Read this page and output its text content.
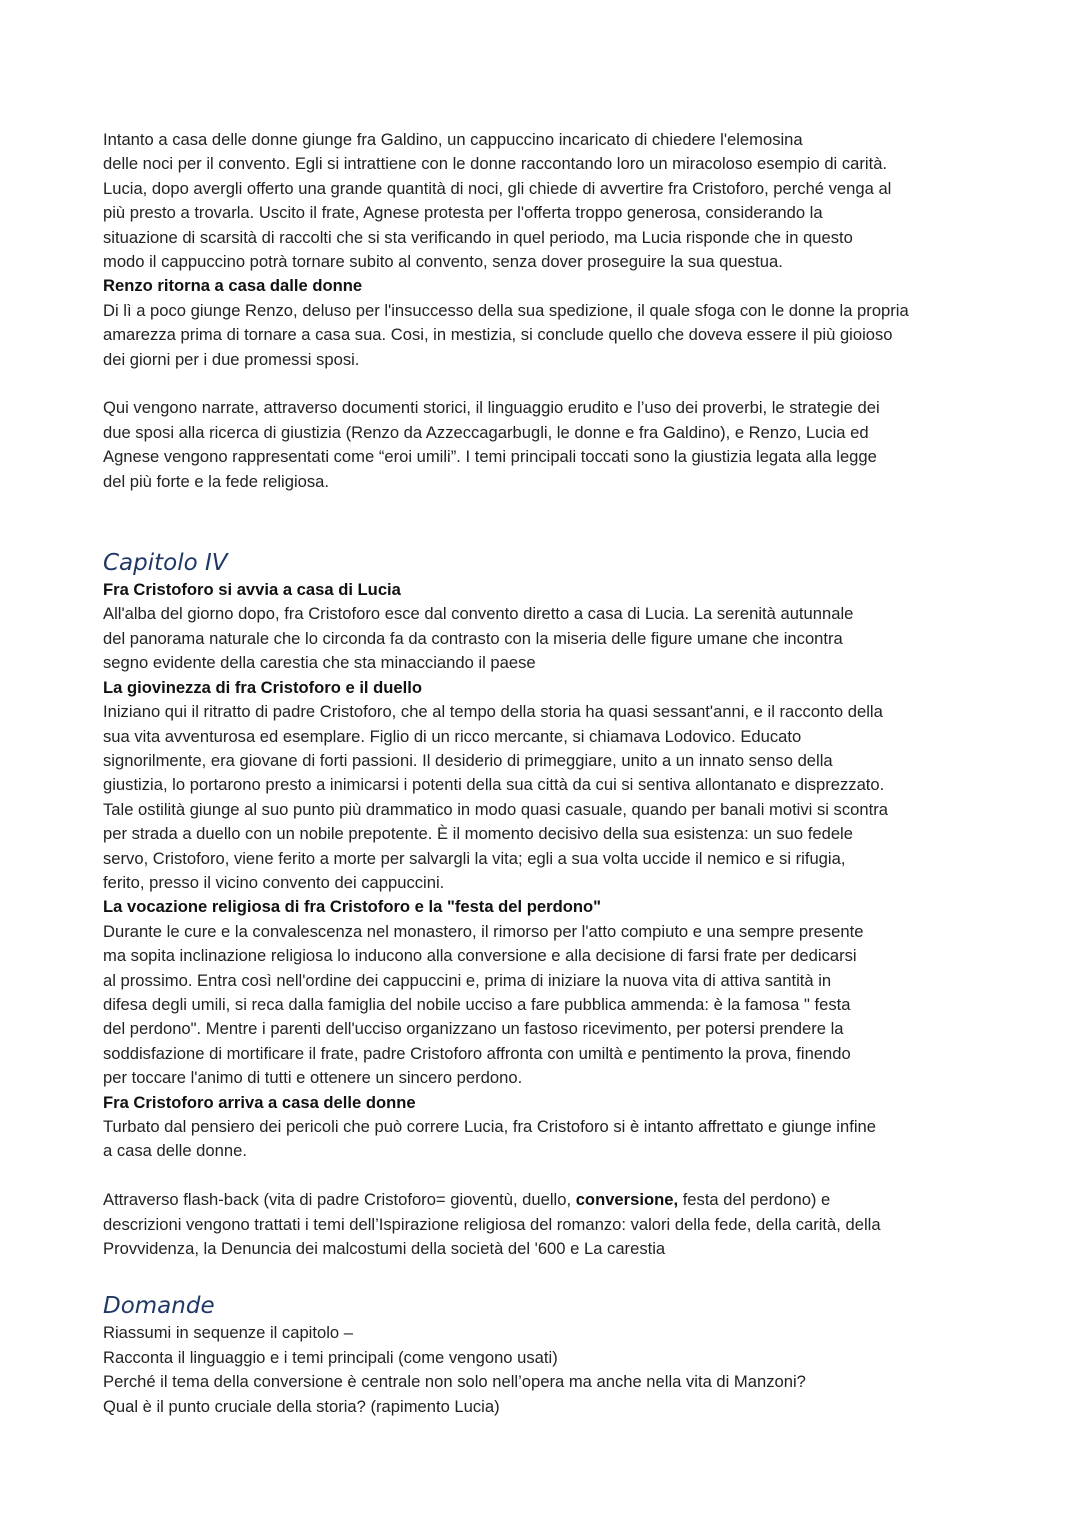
Intanto a casa delle donne giunge fra Galdino, un cappuccino incaricato di chiedere l'elemosina
delle noci per il convento. Egli si intrattiene con le donne raccontando loro un miracoloso esempio di carità.
Lucia, dopo avergli offerto una grande quantità di noci, gli chiede di avvertire fra Cristoforo, perché venga al
più presto a trovarla. Uscito il frate, Agnese protesta per l'offerta troppo generosa, considerando la
situazione di scarsità di raccolti che si sta verificando in quel periodo, ma Lucia risponde che in questo
modo il cappuccino potrà tornare subito al convento, senza dover proseguire la sua questua.
Renzo ritorna a casa dalle donne
Di lì a poco giunge Renzo, deluso per l'insuccesso della sua spedizione, il quale sfoga con le donne la propria
amarezza prima di tornare a casa sua. Cosi, in mestizia, si conclude quello che doveva essere il più gioioso
dei giorni per i due promessi sposi.
Qui vengono narrate, attraverso documenti storici, il linguaggio erudito e l’uso dei proverbi, le strategie dei
due sposi alla ricerca di giustizia (Renzo da Azzeccagarbugli, le donne e fra Galdino), e Renzo, Lucia ed
Agnese vengono rappresentati come “eroi umili”. I temi principali toccati sono la giustizia legata alla legge
del più forte e la fede religiosa.
Capitolo IV
Fra Cristoforo si avvia a casa di Lucia
All'alba del giorno dopo, fra Cristoforo esce dal convento diretto a casa di Lucia. La serenità autunnale
del panorama naturale che lo circonda fa da contrasto con la miseria delle figure umane che incontra
segno evidente della carestia che sta minacciando il paese
La giovinezza di fra Cristoforo e il duello
Iniziano qui il ritratto di padre Cristoforo, che al tempo della storia ha quasi sessant'anni, e il racconto della
sua vita avventurosa ed esemplare. Figlio di un ricco mercante, si chiamava Lodovico. Educato
signorilmente, era giovane di forti passioni. Il desiderio di primeggiare, unito a un innato senso della
giustizia, lo portarono presto a inimicarsi i potenti della sua città da cui si sentiva allontanato e disprezzato.
Tale ostilità giunge al suo punto più drammatico in modo quasi casuale, quando per banali motivi si scontra
per strada a duello con un nobile prepotente. È il momento decisivo della sua esistenza: un suo fedele
servo, Cristoforo, viene ferito a morte per salvargli la vita; egli a sua volta uccide il nemico e si rifugia,
ferito, presso il vicino convento dei cappuccini.
La vocazione religiosa di fra Cristoforo e la "festa del perdono"
Durante le cure e la convalescenza nel monastero, il rimorso per l'atto compiuto e una sempre presente
ma sopita inclinazione religiosa lo inducono alla conversione e alla decisione di farsi frate per dedicarsi
al prossimo. Entra così nell'ordine dei cappuccini e, prima di iniziare la nuova vita di attiva santità in
difesa degli umili, si reca dalla famiglia del nobile ucciso a fare pubblica ammenda: è la famosa " festa
del perdono". Mentre i parenti dell'ucciso organizzano un fastoso ricevimento, per potersi prendere la
soddisfazione di mortificare il frate, padre Cristoforo affronta con umiltà e pentimento la prova, finendo
per toccare l'animo di tutti e ottenere un sincero perdono.
Fra Cristoforo arriva a casa delle donne
Turbato dal pensiero dei pericoli che può correre Lucia, fra Cristoforo si è intanto affrettato e giunge infine
a casa delle donne.
Attraverso flash-back (vita di padre Cristoforo= gioventù, duello, conversione, festa del perdono) e
descrizioni vengono trattati i temi dell’Ispirazione religiosa del romanzo: valori della fede, della carità, della
Provvidenza, la Denuncia dei malcostumi della società del '600 e La carestia
Domande
Riassumi in sequenze il capitolo –
Racconta il linguaggio e i temi principali (come vengono usati)
Perché il tema della conversione è centrale non solo nell’opera ma anche nella vita di Manzoni?
Qual è il punto cruciale della storia? (rapimento Lucia)
